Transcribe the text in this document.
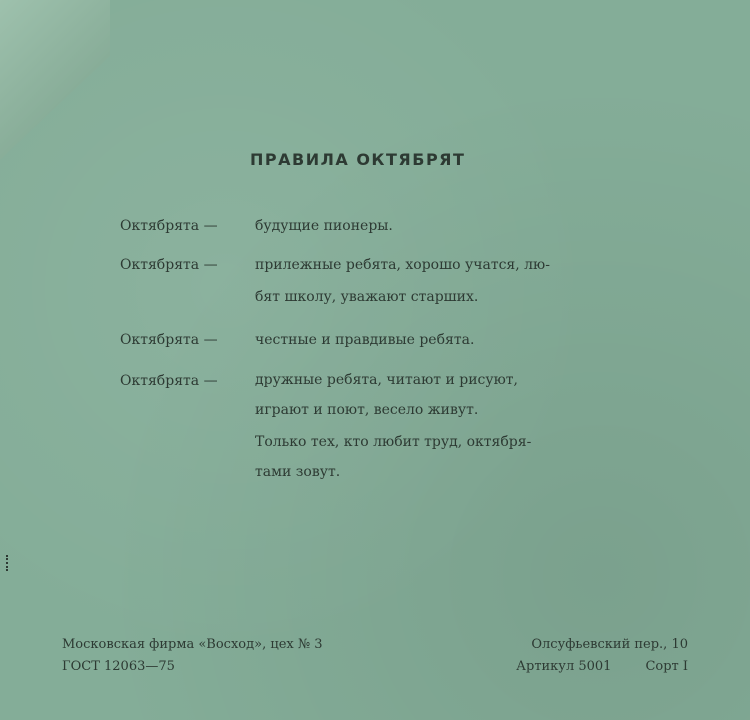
ПРАВИЛА ОКТЯБРЯТ
Октябрята —	будущие пионеры.

Октябрята —	прилежные ребята, хорошо учатся, лю-

бят школу, уважают старших.

Октябрята —	честные и правдивые ребята.

Октябрята —	дружные ребята, читают и рисуют,

играют и поют, весело живут.

Только тех, кто любит труд, октября-

тами зовут.

Московская фирма «Восход», цех № 3
ГОСТ 12063—75
Олсуфьевский пер., 10
Артикул 5001	Сорт I
